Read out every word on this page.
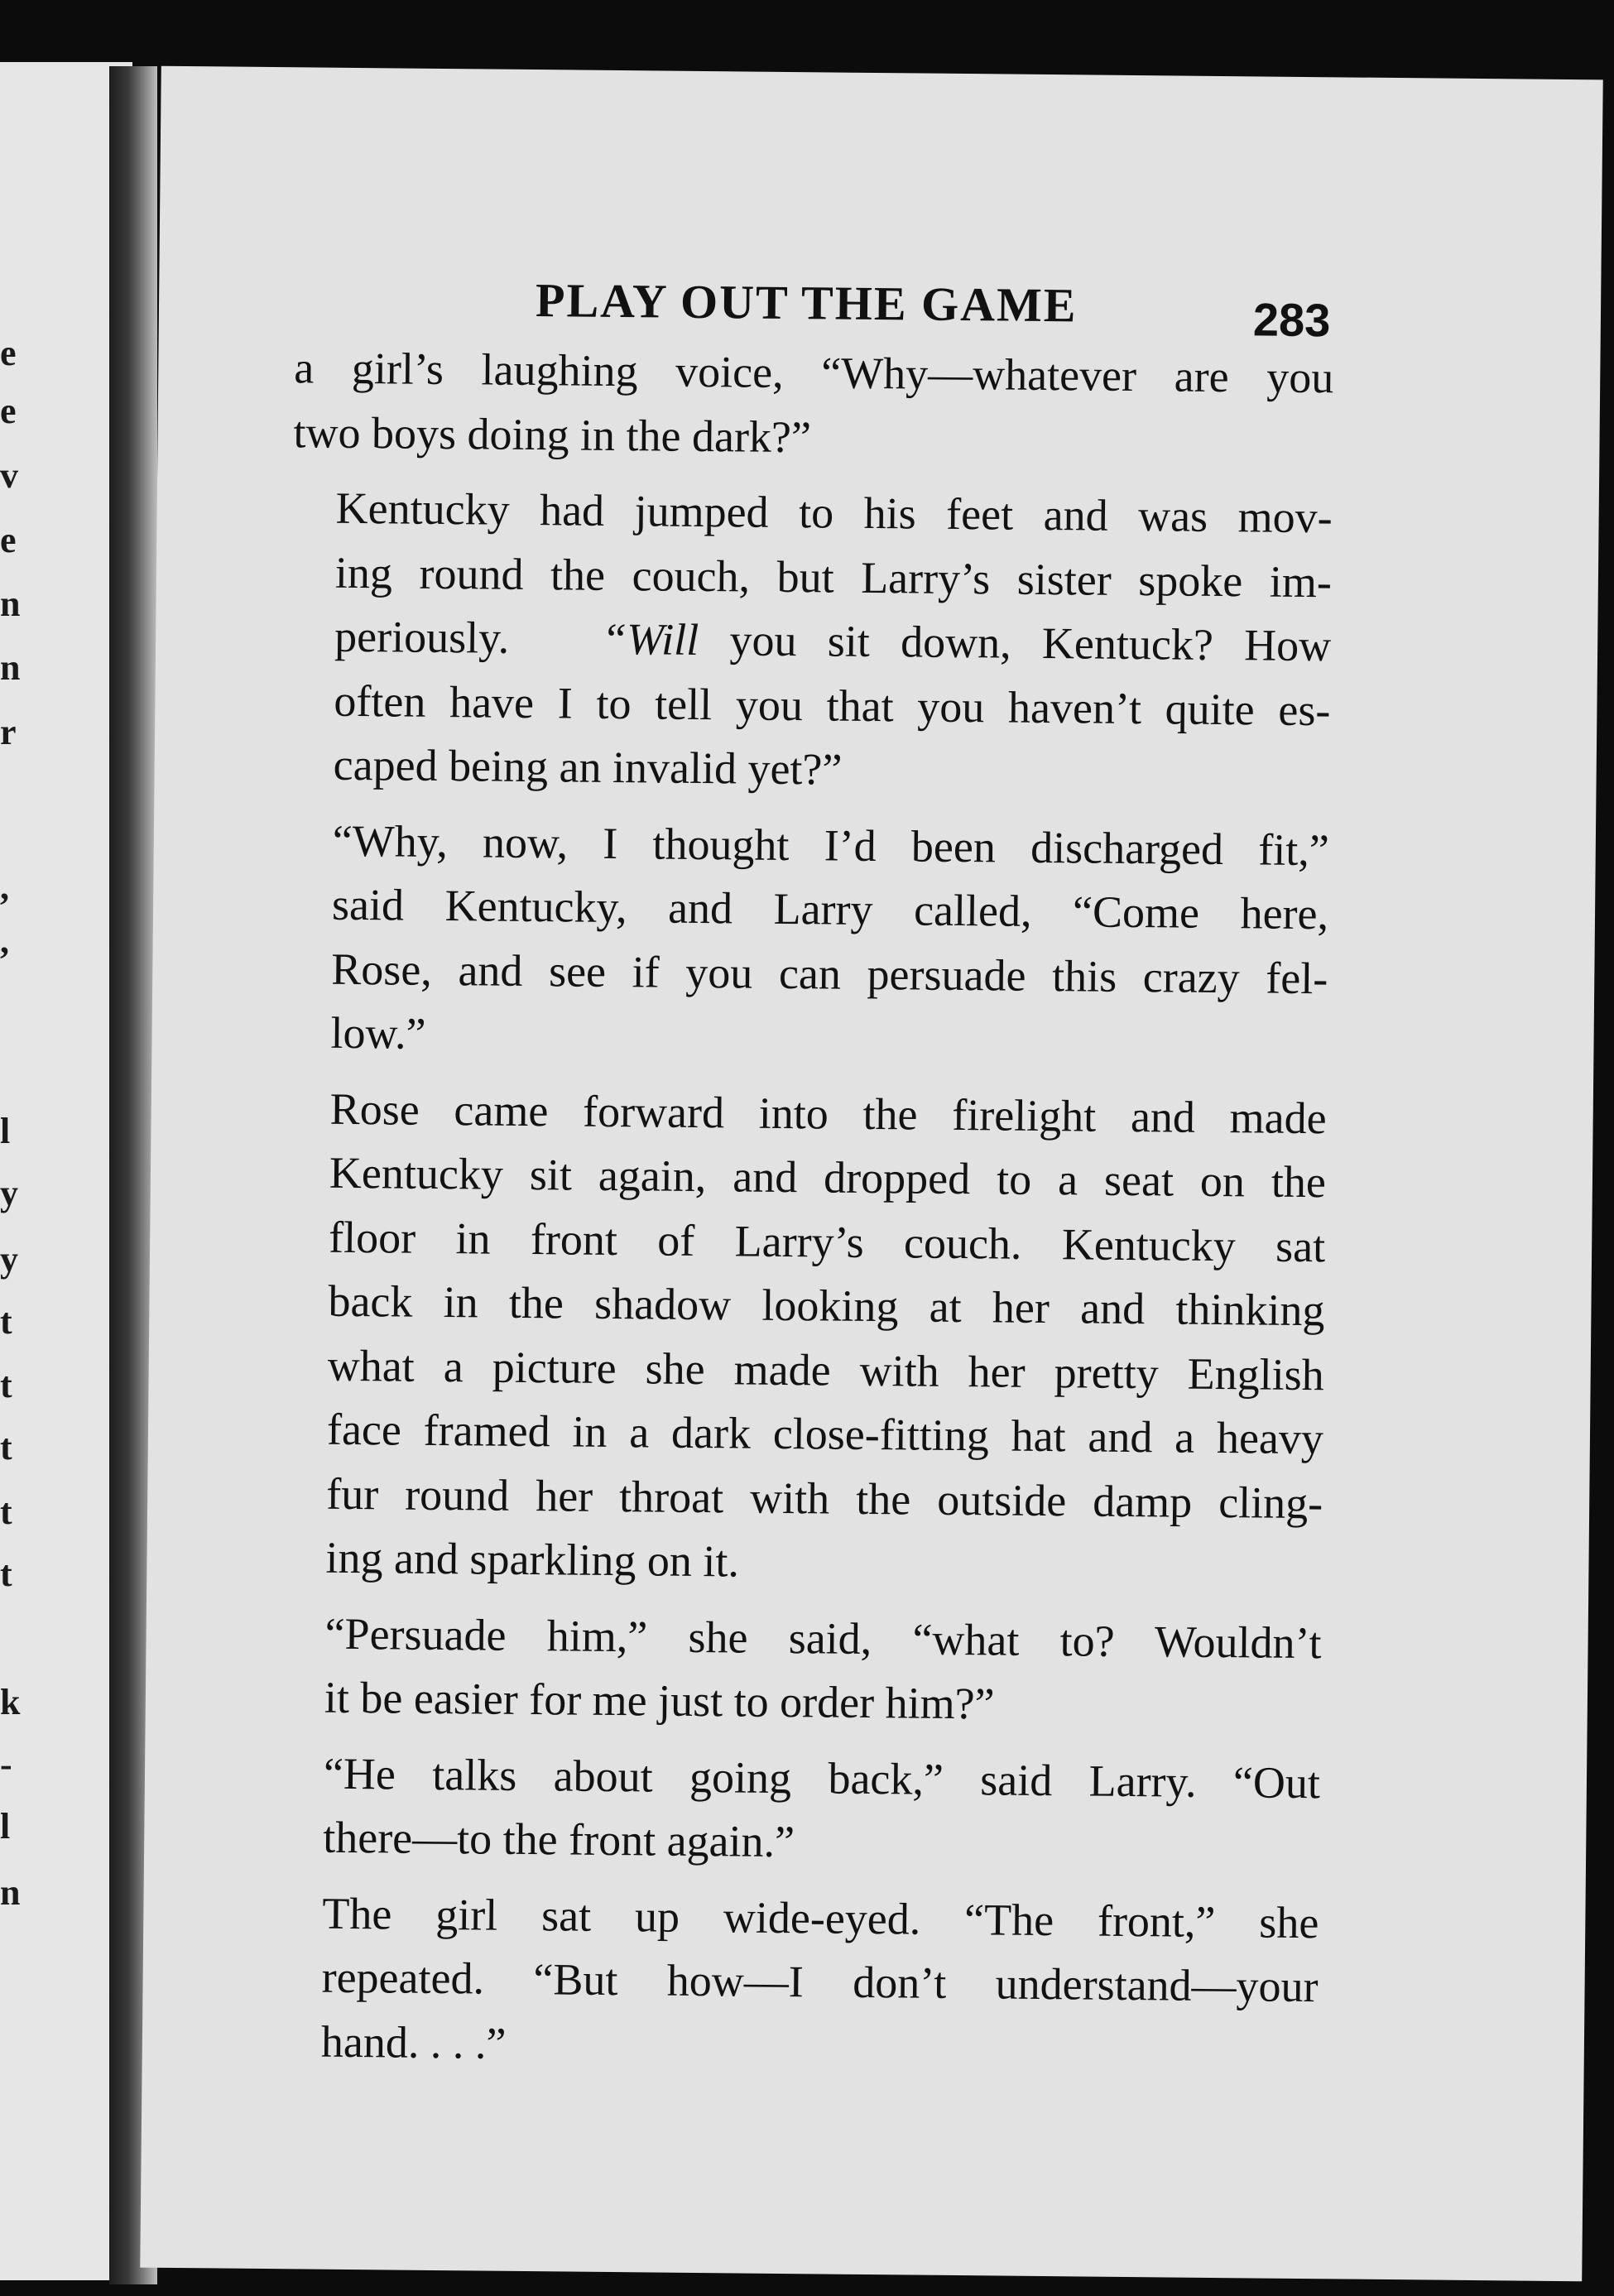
e
e
v
e
n
n
r
,
,
l
y
y
t
t
t
t
t
k
-
l
n
PLAY OUT THE GAME	283

a girl’s laughing voice, “Why—whatever are you
two boys doing in the dark?”

Kentucky had jumped to his feet and was mov-
ing round the couch, but Larry’s sister spoke im-
periously. “Will you sit down, Kentuck? How
often have I to tell you that you haven’t quite es-
caped being an invalid yet?”

“Why, now, I thought I’d been discharged fit,”
said Kentucky, and Larry called, “Come here,
Rose, and see if you can persuade this crazy fel-
low.”

Rose came forward into the firelight and made
Kentucky sit again, and dropped to a seat on the
floor in front of Larry’s couch. Kentucky sat
back in the shadow looking at her and thinking
what a picture she made with her pretty English
face framed in a dark close-fitting hat and a heavy
fur round her throat with the outside damp cling-
ing and sparkling on it.

“Persuade him,” she said, “what to? Wouldn’t
it be easier for me just to order him?”

“He talks about going back,” said Larry. “Out
there—to the front again.”

The girl sat up wide-eyed. “The front,” she
repeated. “But how—I don’t understand—your
hand. . . .”
